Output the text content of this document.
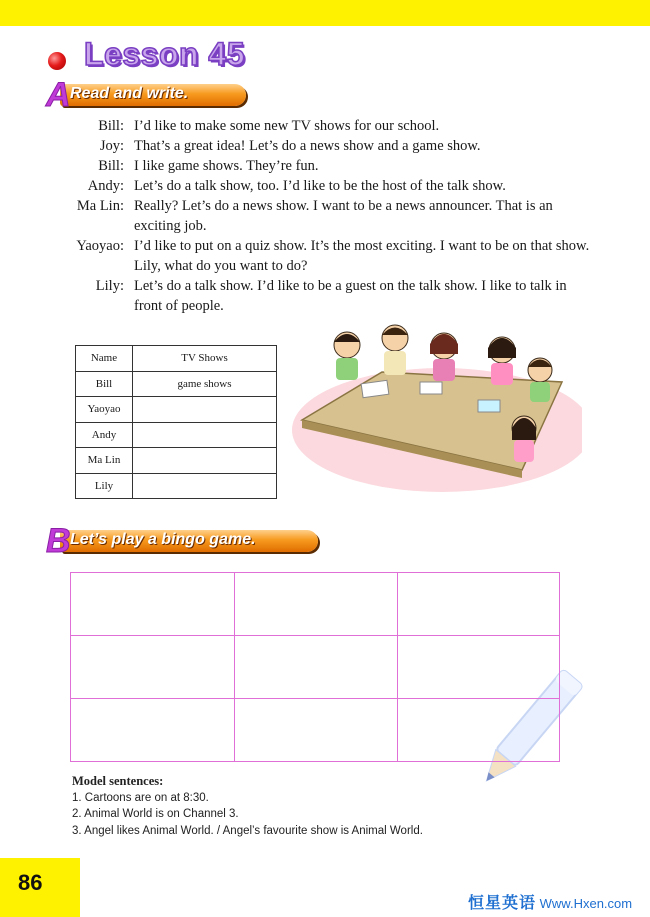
Lesson 45
Read and write.
A
Bill: I’d like to make some new TV shows for our school.
Joy: That’s a great idea! Let’s do a news show and a game show.
Bill: I like game shows. They’re fun.
Andy: Let’s do a talk show, too. I’d like to be the host of the talk show.
Ma Lin: Really? Let’s do a news show. I want to be a news announcer. That is an exciting job.
Yaoyao: I’d like to put on a quiz show. It’s the most exciting. I want to be on that show. Lily, what do you want to do?
Lily: Let’s do a talk show. I’d like to be a guest on the talk show. I like to talk in front of people.
Name	TV Shows
Bill	game shows
Yaoyao	
Andy	
Ma Lin	
Lily	
Let’s play a bingo game.
B
Model sentences:
1. Cartoons are on at 8:30.
2. Animal World is on Channel 3.
3. Angel likes Animal World. / Angel’s favourite show is Animal World.
86
恒星英语 Www.Hxen.com
